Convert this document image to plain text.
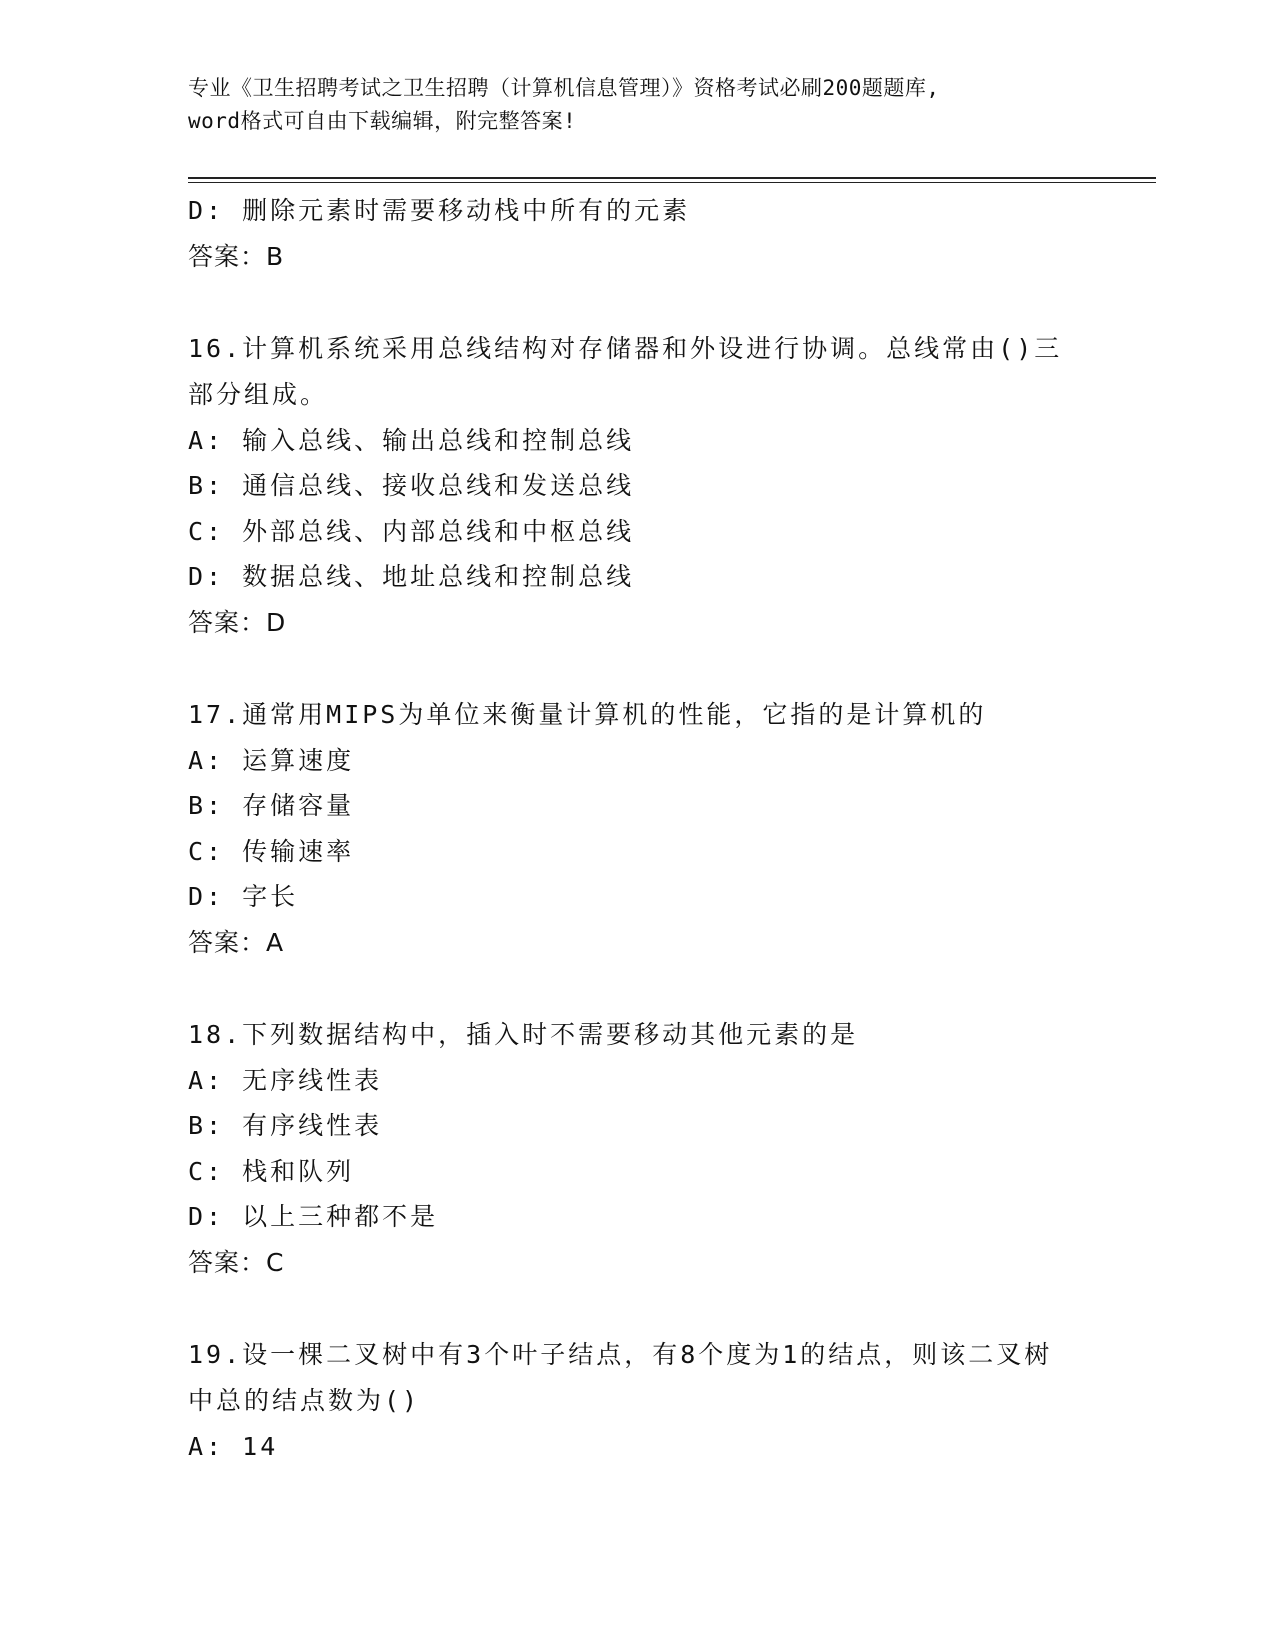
专业《卫生招聘考试之卫生招聘（计算机信息管理）》资格考试必刷200题题库,
word格式可自由下载编辑，附完整答案!
D: 删除元素时需要移动栈中所有的元素
答案：B
16.计算机系统采用总线结构对存储器和外设进行协调。总线常由()三部分组成。
A: 输入总线、输出总线和控制总线
B: 通信总线、接收总线和发送总线
C: 外部总线、内部总线和中枢总线
D: 数据总线、地址总线和控制总线
答案：D
17.通常用MIPS为单位来衡量计算机的性能，它指的是计算机的
A: 运算速度
B: 存储容量
C: 传输速率
D: 字长
答案：A
18.下列数据结构中，插入时不需要移动其他元素的是
A: 无序线性表
B: 有序线性表
C: 栈和队列
D: 以上三种都不是
答案：C
19.设一棵二叉树中有3个叶子结点，有8个度为1的结点，则该二叉树中总的结点数为()
A: 14
